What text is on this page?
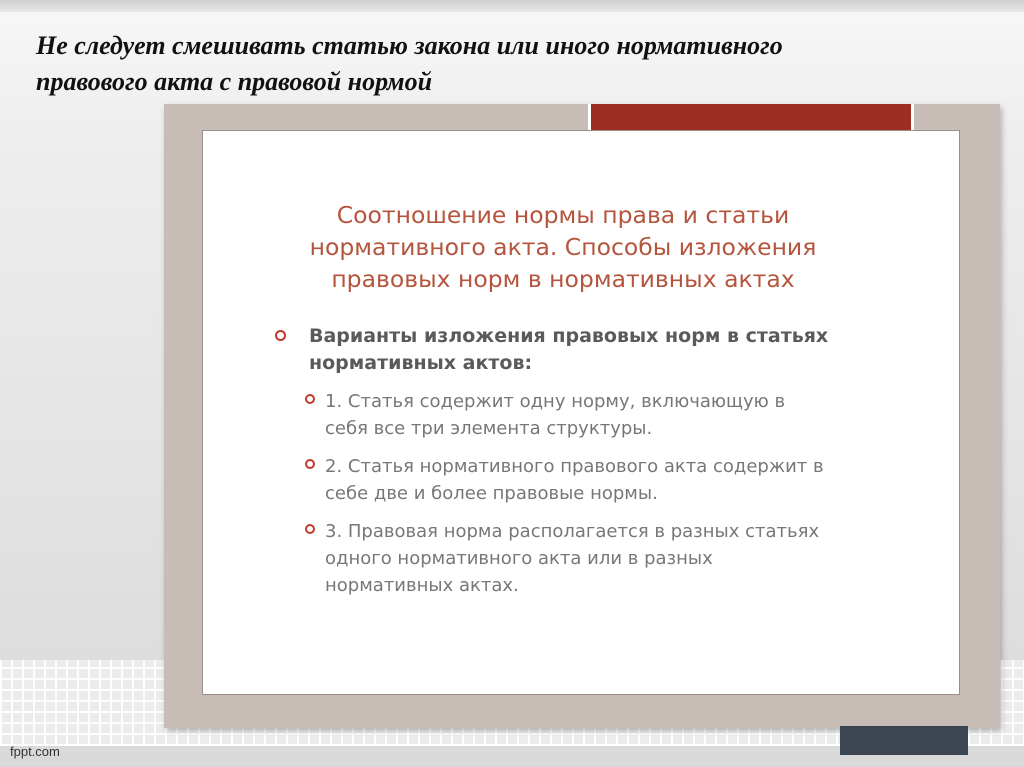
Не следует смешивать статью закона или иного нормативного правового акта с правовой нормой
Соотношение нормы права и статьи нормативного акта. Способы изложения правовых норм в нормативных актах
Варианты изложения правовых норм в статьях нормативных актов:
1. Статья содержит одну норму, включающую в себя все три элемента структуры.
2. Статья нормативного правового акта содержит в себе две и более правовые нормы.
3. Правовая норма располагается в разных статьях одного нормативного акта или в разных нормативных актах.

fppt.com
